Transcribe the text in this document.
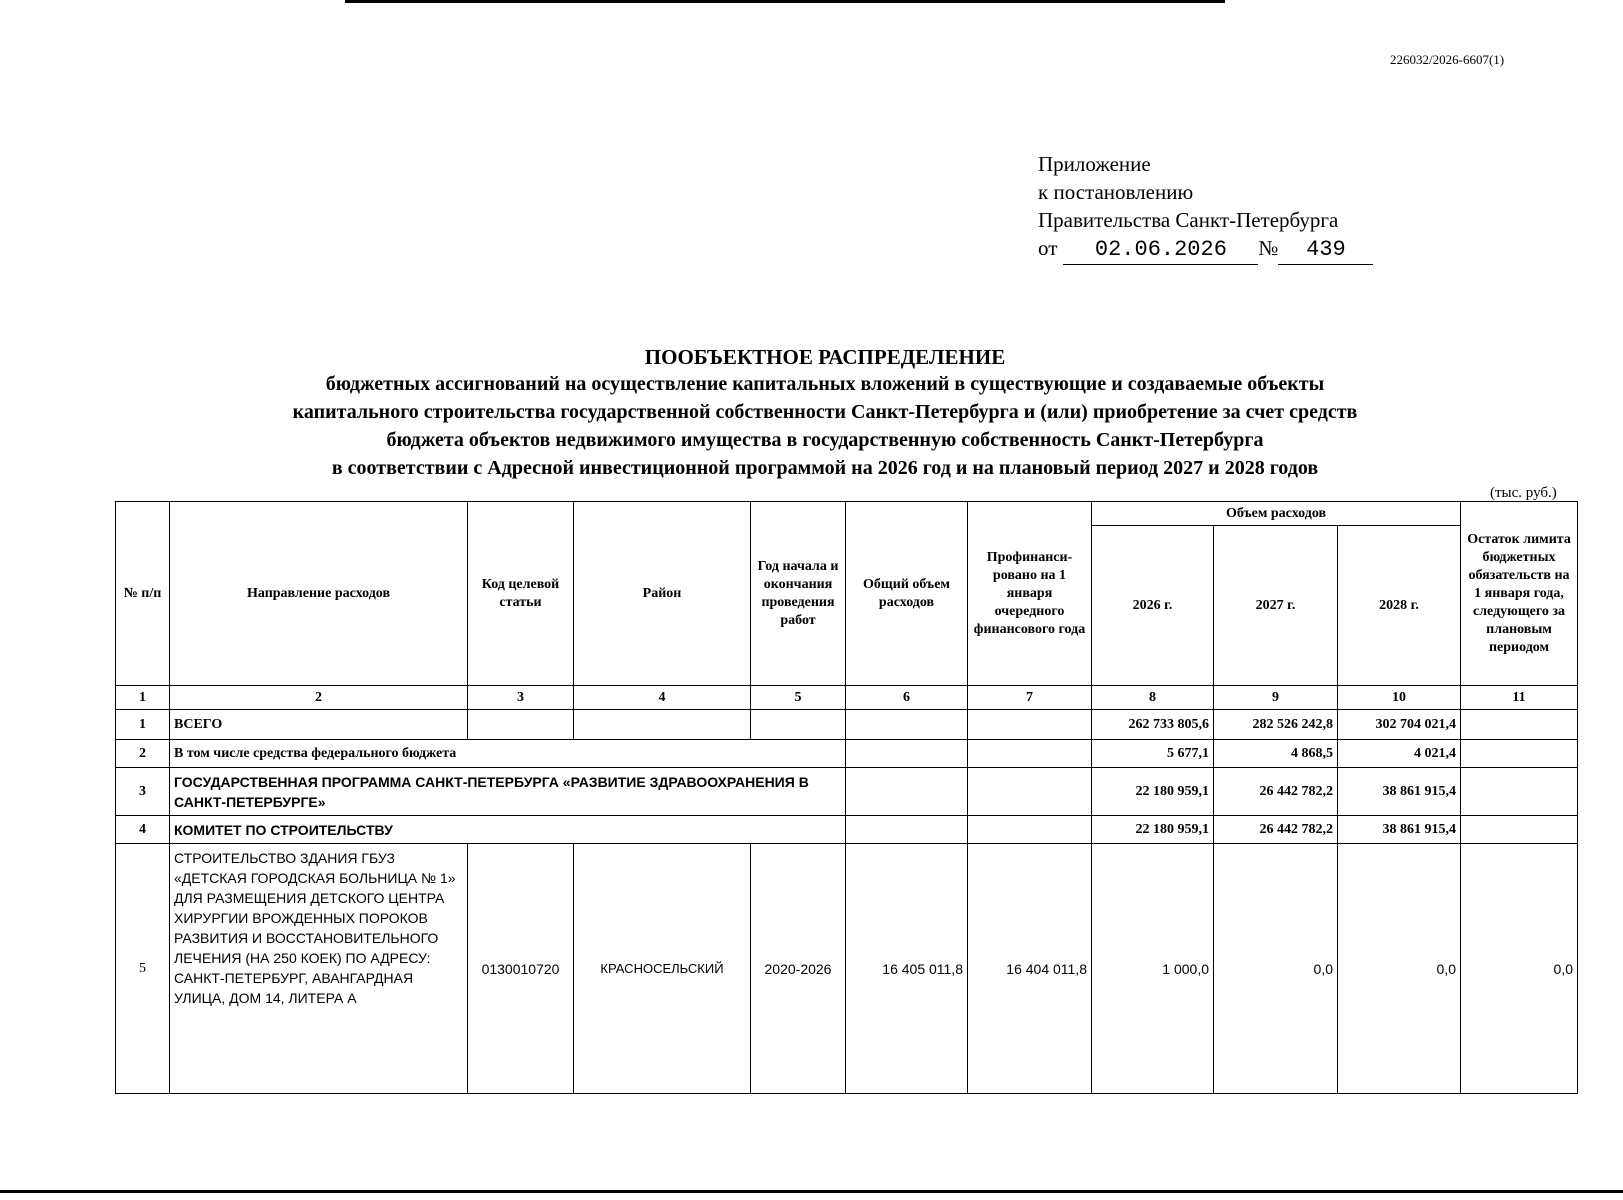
226032/2026-6607(1)
Приложение
к постановлению
Правительства Санкт-Петербурга
от 02.06.2026 № 439
ПООБЪЕКТНОЕ РАСПРЕДЕЛЕНИЕ
бюджетных ассигнований на осуществление капитальных вложений в существующие и создаваемые объекты
капитального строительства государственной собственности Санкт-Петербурга и (или) приобретение за счет средств
бюджета объектов недвижимого имущества в государственную собственность Санкт-Петербурга
в соответствии с Адресной инвестиционной программой на 2026 год и на плановый период 2027 и 2028 годов
(тыс. руб.)
№ п/п	Направление расходов	Код целевой статьи	Район	Год начала и окончания проведения работ	Общий объем расходов	Профинанси-ровано на 1 января очередного финансового года	Объем расходов			Остаток лимита бюджетных обязательств на 1 января года, следующего за плановым периодом
							2026 г.	2027 г.	2028 г.	
1	2	3	4	5	6	7	8	9	10	11
1	ВСЕГО						262 733 805,6	282 526 242,8	302 704 021,4	
2	В том числе средства федерального бюджета						5 677,1	4 868,5	4 021,4	
3	ГОСУДАРСТВЕННАЯ ПРОГРАММА САНКТ-ПЕТЕРБУРГА «РАЗВИТИЕ ЗДРАВООХРАНЕНИЯ В САНКТ-ПЕТЕРБУРГЕ»						22 180 959,1	26 442 782,2	38 861 915,4	
4	КОМИТЕТ ПО СТРОИТЕЛЬСТВУ						22 180 959,1	26 442 782,2	38 861 915,4	
5	СТРОИТЕЛЬСТВО ЗДАНИЯ ГБУЗ «ДЕТСКАЯ ГОРОДСКАЯ БОЛЬНИЦА № 1» ДЛЯ РАЗМЕЩЕНИЯ ДЕТСКОГО ЦЕНТРА ХИРУРГИИ ВРОЖДЕННЫХ ПОРОКОВ РАЗВИТИЯ И ВОССТАНОВИТЕЛЬНОГО ЛЕЧЕНИЯ (НА 250 КОЕК) ПО АДРЕСУ: САНКТ-ПЕТЕРБУРГ, АВАНГАРДНАЯ УЛИЦА, ДОМ 14, ЛИТЕРА А	0130010720	КРАСНОСЕЛЬСКИЙ	2020-2026	16 405 011,8	16 404 011,8	1 000,0	0,0	0,0	0,0
